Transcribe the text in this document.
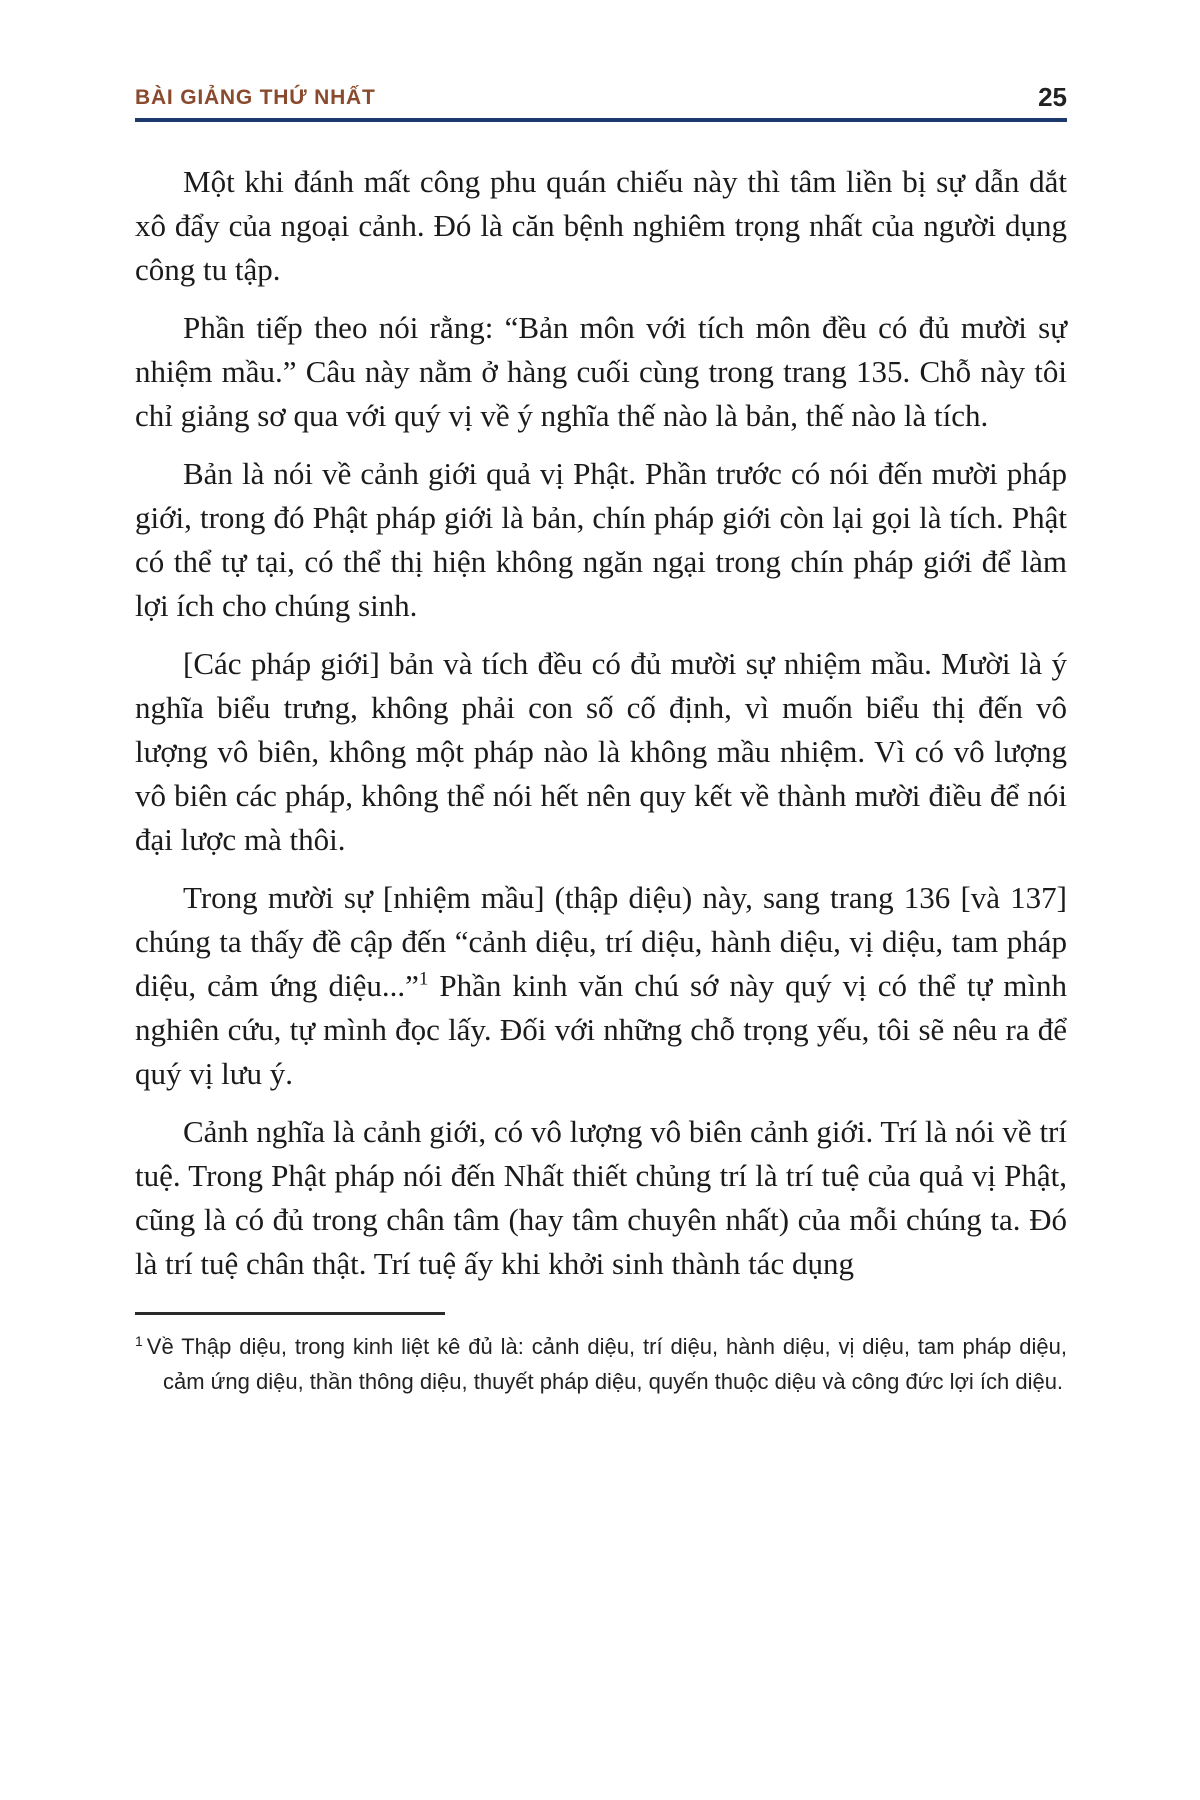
BÀI GIẢNG THỨ NHẤT	25

Một khi đánh mất công phu quán chiếu này thì tâm liền bị sự dẫn dắt xô đẩy của ngoại cảnh. Đó là căn bệnh nghiêm trọng nhất của người dụng công tu tập.

Phần tiếp theo nói rằng: “Bản môn với tích môn đều có đủ mười sự nhiệm mầu.” Câu này nằm ở hàng cuối cùng trong trang 135. Chỗ này tôi chỉ giảng sơ qua với quý vị về ý nghĩa thế nào là bản, thế nào là tích.

Bản là nói về cảnh giới quả vị Phật. Phần trước có nói đến mười pháp giới, trong đó Phật pháp giới là bản, chín pháp giới còn lại gọi là tích. Phật có thể tự tại, có thể thị hiện không ngăn ngại trong chín pháp giới để làm lợi ích cho chúng sinh.

[Các pháp giới] bản và tích đều có đủ mười sự nhiệm mầu. Mười là ý nghĩa biểu trưng, không phải con số cố định, vì muốn biểu thị đến vô lượng vô biên, không một pháp nào là không mầu nhiệm. Vì có vô lượng vô biên các pháp, không thể nói hết nên quy kết về thành mười điều để nói đại lược mà thôi.

Trong mười sự [nhiệm mầu] (thập diệu) này, sang trang 136 [và 137] chúng ta thấy đề cập đến “cảnh diệu, trí diệu, hành diệu, vị diệu, tam pháp diệu, cảm ứng diệu...”$^1$ Phần kinh văn chú sớ này quý vị có thể tự mình nghiên cứu, tự mình đọc lấy. Đối với những chỗ trọng yếu, tôi sẽ nêu ra để quý vị lưu ý.

Cảnh nghĩa là cảnh giới, có vô lượng vô biên cảnh giới. Trí là nói về trí tuệ. Trong Phật pháp nói đến Nhất thiết chủng trí là trí tuệ của quả vị Phật, cũng là có đủ trong chân tâm (hay tâm chuyên nhất) của mỗi chúng ta. Đó là trí tuệ chân thật. Trí tuệ ấy khi khởi sinh thành tác dụng

$^1$ Về Thập diệu, trong kinh liệt kê đủ là: cảnh diệu, trí diệu, hành diệu, vị diệu, tam pháp diệu, cảm ứng diệu, thần thông diệu, thuyết pháp diệu, quyến thuộc diệu và công đức lợi ích diệu.
